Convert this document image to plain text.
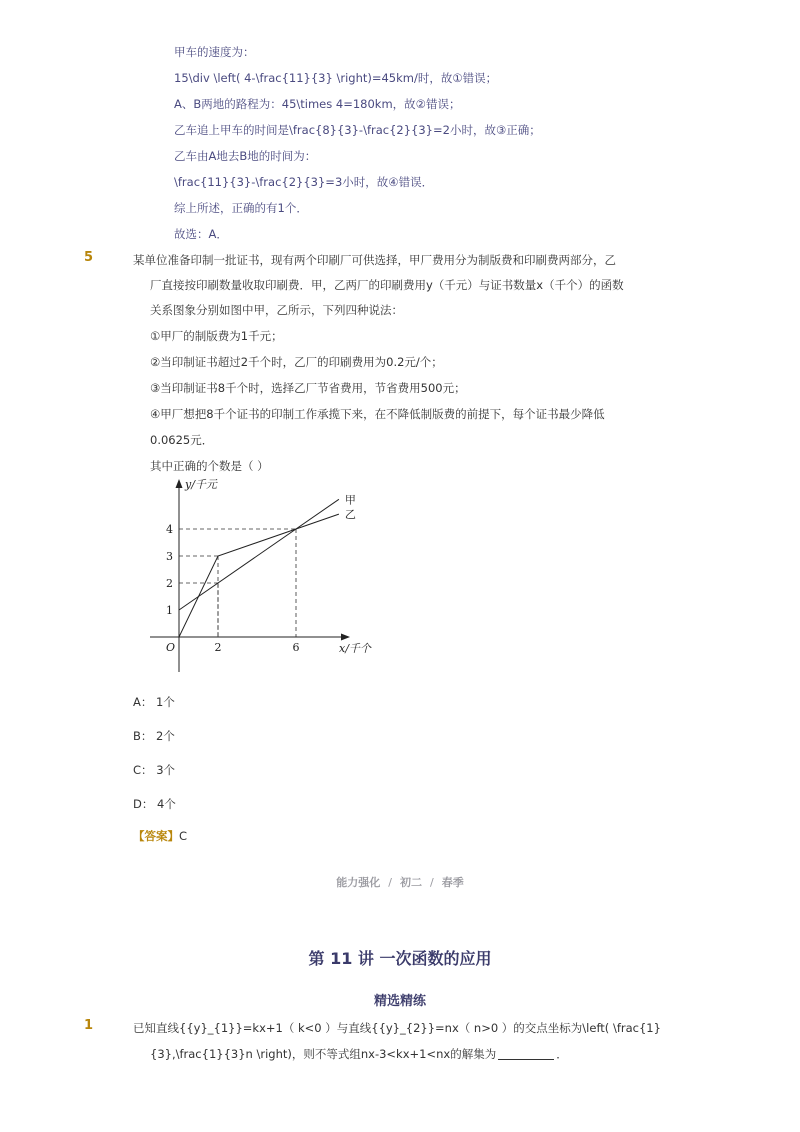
甲车的速度为：
15\div \left( 4-\frac{11}{3} \right)=45km/时，故①错误；
A、B两地的路程为：45\times 4=180km，故②错误；
乙车追上甲车的时间是\frac{8}{3}-\frac{2}{3}=2小时，故③正确；
乙车由A地去B地的时间为：
\frac{11}{3}-\frac{2}{3}=3小时，故④错误．
综上所述，正确的有1个．
故选：A．
5	某单位准备印制一批证书，现有两个印刷厂可供选择，甲厂费用分为制版费和印刷费两部分，乙
厂直接按印刷数量收取印刷费．甲，乙两厂的印刷费用y（千元）与证书数量x（千个）的函数
关系图象分别如图中甲，乙所示，下列四种说法：
①甲厂的制版费为1千元；
②当印制证书超过2千个时，乙厂的印刷费用为0.2元/个；
③当印制证书8千个时，选择乙厂节省费用，节省费用500元；
④甲厂想把8千个证书的印制工作承揽下来，在不降低制版费的前提下，每个证书最少降低
0.0625元．
其中正确的个数是（ ）
2	6
1
2
3
4
甲
乙
y/千元
x/千个
O
A： 1个
B： 2个
C： 3个
D： 4个
【答案】C
能力强化 / 初二 / 春季
第 11 讲 一次函数的应用
精选精练
1	已知直线{{y}_{1}}=kx+1（ k<0 ）与直线{{y}_{2}}=nx（ n>0 ）的交点坐标为\left( \frac{1}
{3},\frac{1}{3}n \right)，则不等式组nx-3<kx+1<nx的解集为	．
